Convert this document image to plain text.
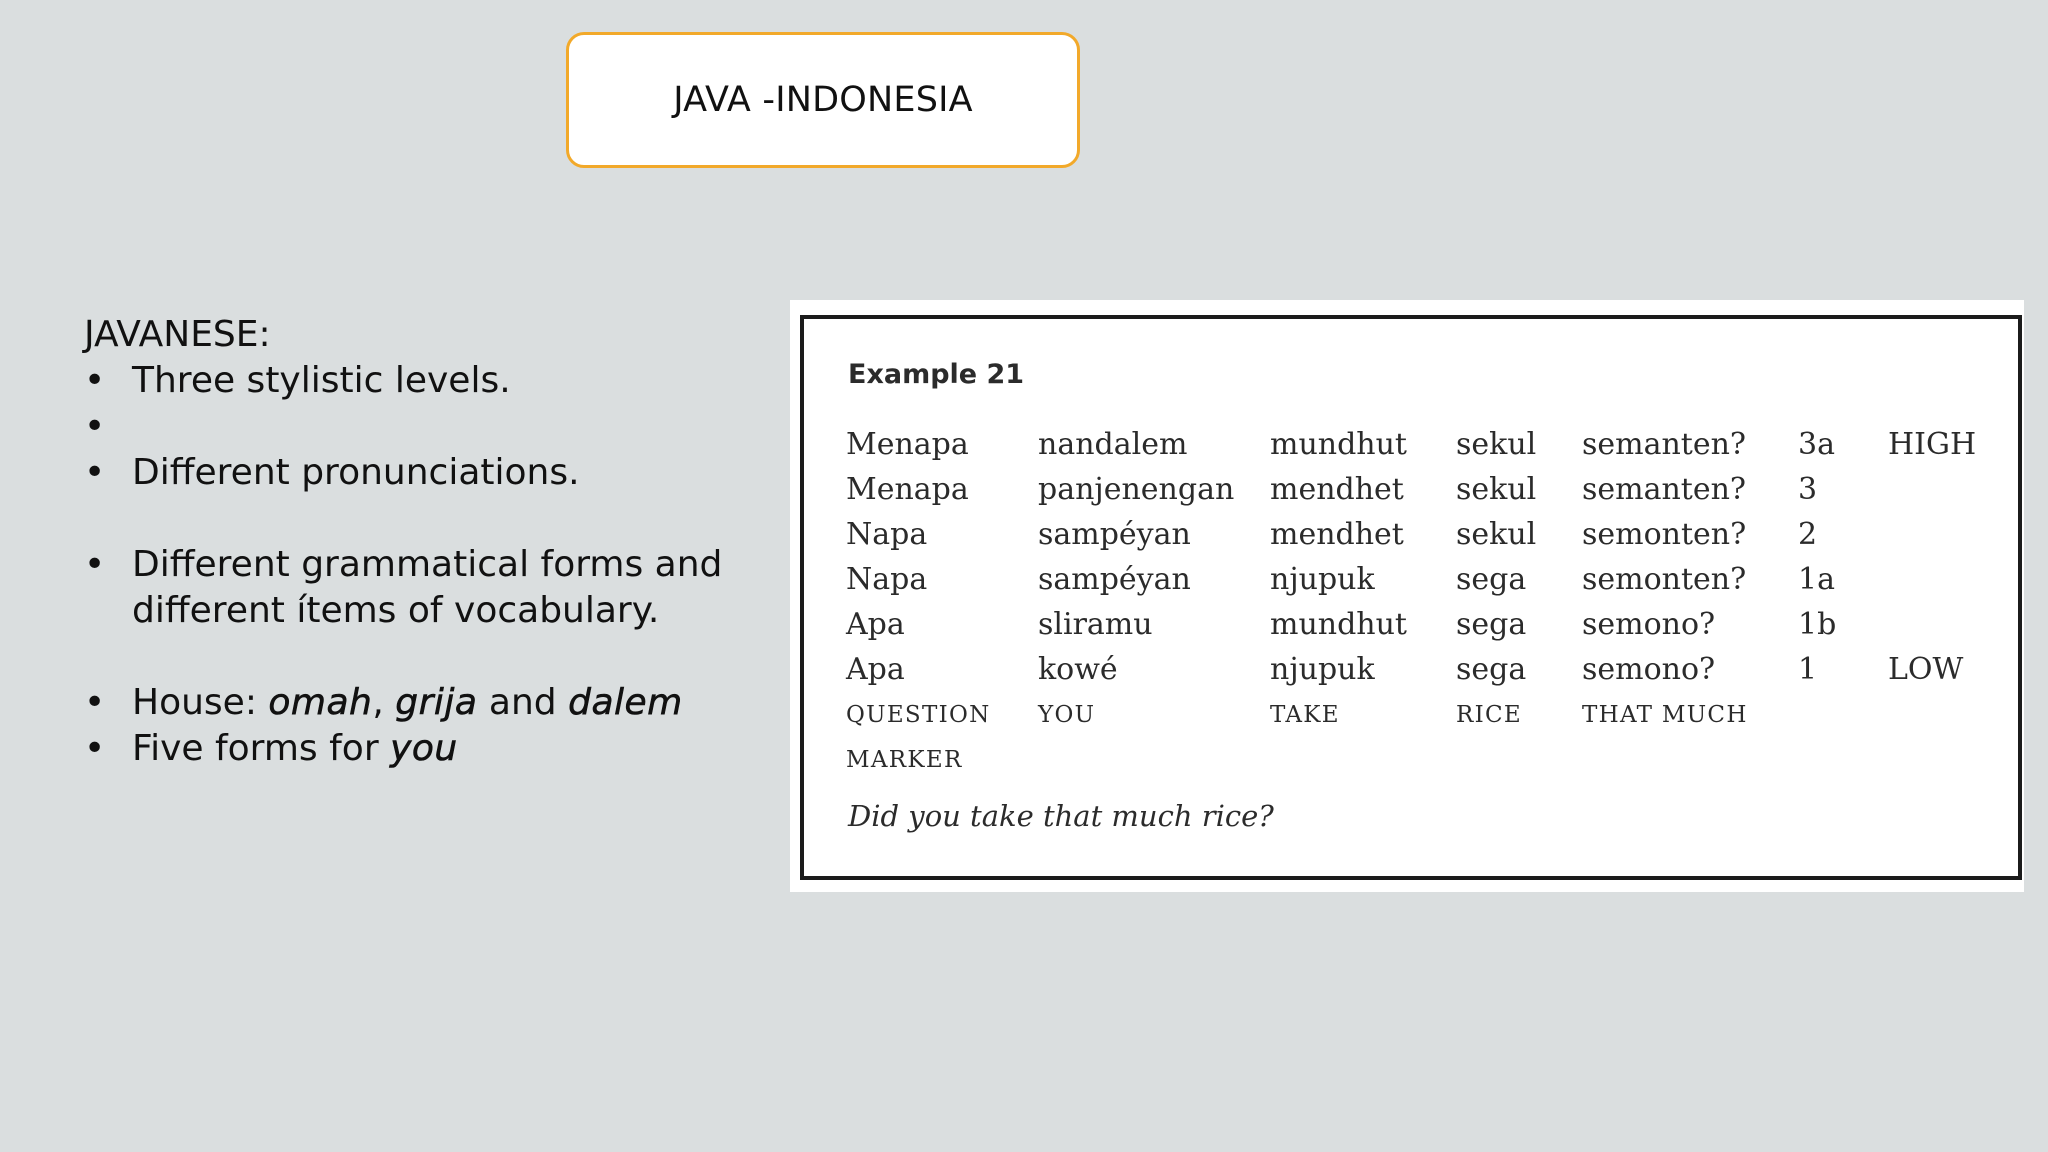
JAVA -INDONESIA

JAVANESE:

• Three stylistic levels.
•
• Different pronunciations.
• Different grammatical forms and
different ítems of vocabulary.
• House: omah, grija and dalem
• Five forms for you
Example 21
Menapa	nandalem	mundhut	sekul	semanten?	3a	HIGH
Menapa	panjenengan	mendhet	sekul	semanten?	3	
Napa	sampéyan	mendhet	sekul	semonten?	2	
Napa	sampéyan	njupuk	sega	semonten?	1a	
Apa	sliramu	mundhut	sega	semono?	1b	
Apa	kowé	njupuk	sega	semono?	1	LOW
QUESTION	YOU	TAKE	RICE	THAT MUCH		
MARKER						
Did you take that much rice?
